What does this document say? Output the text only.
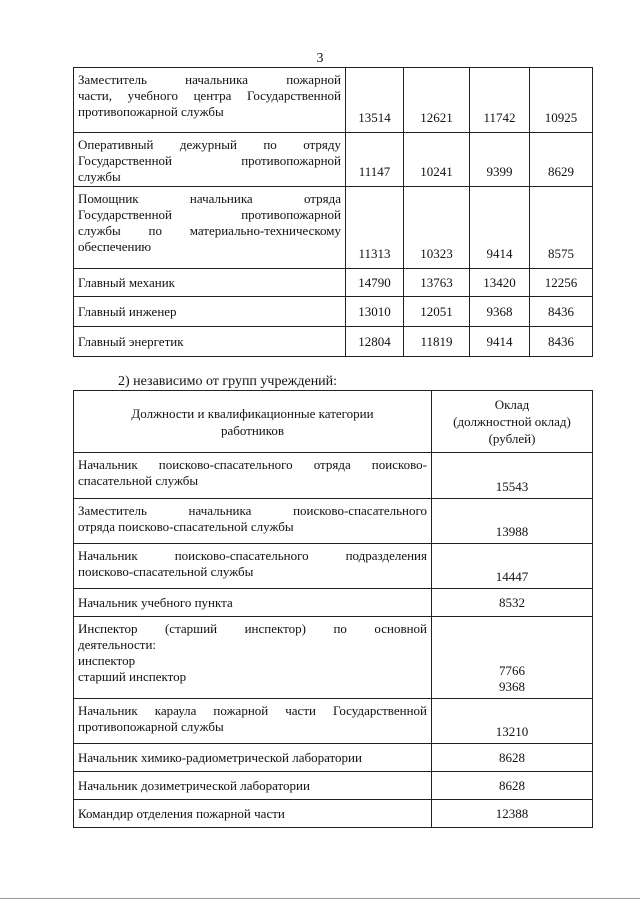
3
Заместитель начальника пожарной
части, учебного центра Государственной
противопожарной службы	13514	12621	11742	10925

Оперативный дежурный по отряду
Государственной противопожарной
службы	11147	10241	9399	8629

Помощник начальника отряда
Государственной противопожарной
службы по материально-техническому
обеспечению	11313	10323	9414	8575

Главный механик	14790	13763	13420	12256

Главный инженер	13010	12051	9368	8436

Главный энергетик	12804	11819	9414	8436
2) независимо от групп учреждений:
Должности и квалификационные категории
работников	Оклад
(должностной оклад)
(рублей)

Начальник поисково-спасательного отряда поисково-
спасательной службы	15543

Заместитель начальника поисково-спасательного
отряда поисково-спасательной службы	13988

Начальник поисково-спасательного подразделения
поисково-спасательной службы	14447

Начальник учебного пункта	8532

Инспектор (старший инспектор) по основной
деятельности:
инспектор
старший инспектор	7766
9368

Начальник караула пожарной части Государственной
противопожарной службы	13210

Начальник химико-радиометрической лаборатории	8628

Начальник дозиметрической лаборатории	8628

Командир отделения пожарной части	12388
